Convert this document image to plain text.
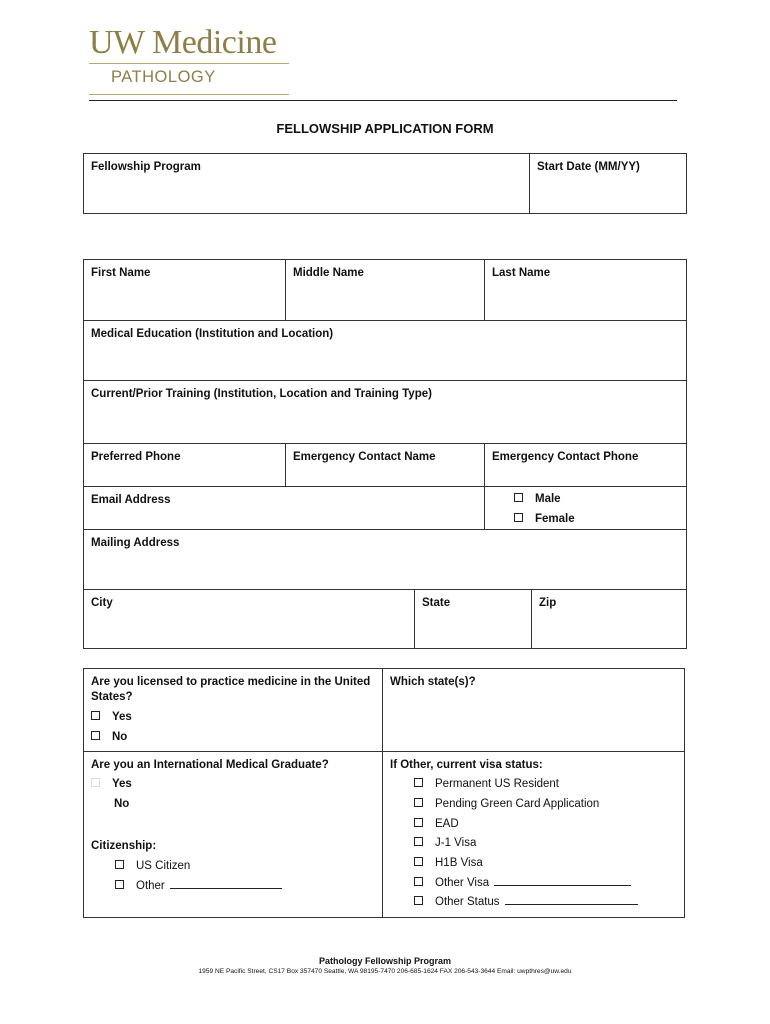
UW Medicine
PATHOLOGY
FELLOWSHIP APPLICATION FORM
Fellowship Program	Start Date (MM/YY)
First Name	Middle Name	Last Name
Medical Education (Institution and Location)
Current/Prior Training (Institution, Location and Training Type)
Preferred Phone	Emergency Contact Name	Emergency Contact Phone
Email Address	Male
Female
Mailing Address
City	State	Zip
Are you licensed to practice medicine in the United States?
Yes
No
Which state(s)?
Are you an International Medical Graduate?
Yes
No
Citizenship:
US Citizen
Other
If Other, current visa status:
Permanent US Resident
Pending Green Card Application
EAD
J-1 Visa
H1B Visa
Other Visa
Other Status
Pathology Fellowship Program
1959 NE Pacific Street, CS17 Box 357470 Seattle, WA 98195-7470 206-685-1624 FAX 206-543-3644 Email: uwpthres@uw.edu
